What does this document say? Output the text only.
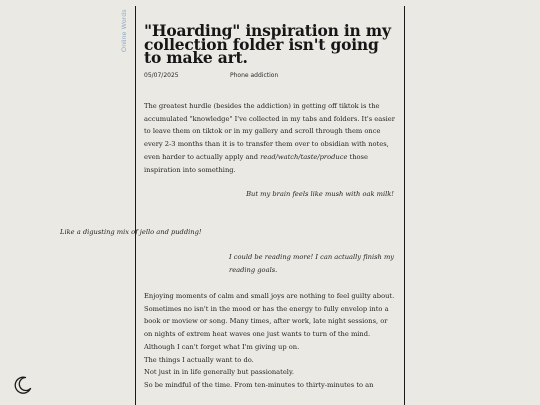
Online Words	"Hoarding" inspiration in my collection folder isn't going to make art.
05/07/2025	Phone addiction
The greatest hurdle (besides the addiction) in getting off tiktok is the accumulated "knowledge" I've collected in my tabs and folders. It's easier to leave them on tiktok or in my gallery and scroll through them once every 2-3 months than it is to transfer them over to obsidian with notes, even harder to actually apply and read/watch/taste/produce those inspiration into something.
But my brain feels like mush with oak milk!
Like a digusting mix of jello and pudding!
I could be reading more! I can actually finish my reading goals.

Enjoying moments of calm and small joys are nothing to feel guilty about. Sometimes no isn't in the mood or has the energy to fully envelop into a book or moview or song. Many times, after work, late night sessions, or on nights of extrem heat waves one just wants to turn of the mind.

Although I can't forget what I'm giving up on.

The things I actually want to do.

Not just in in life generally but passionately.

So be mindful of the time. From ten-minutes to thirty-minutes to an
